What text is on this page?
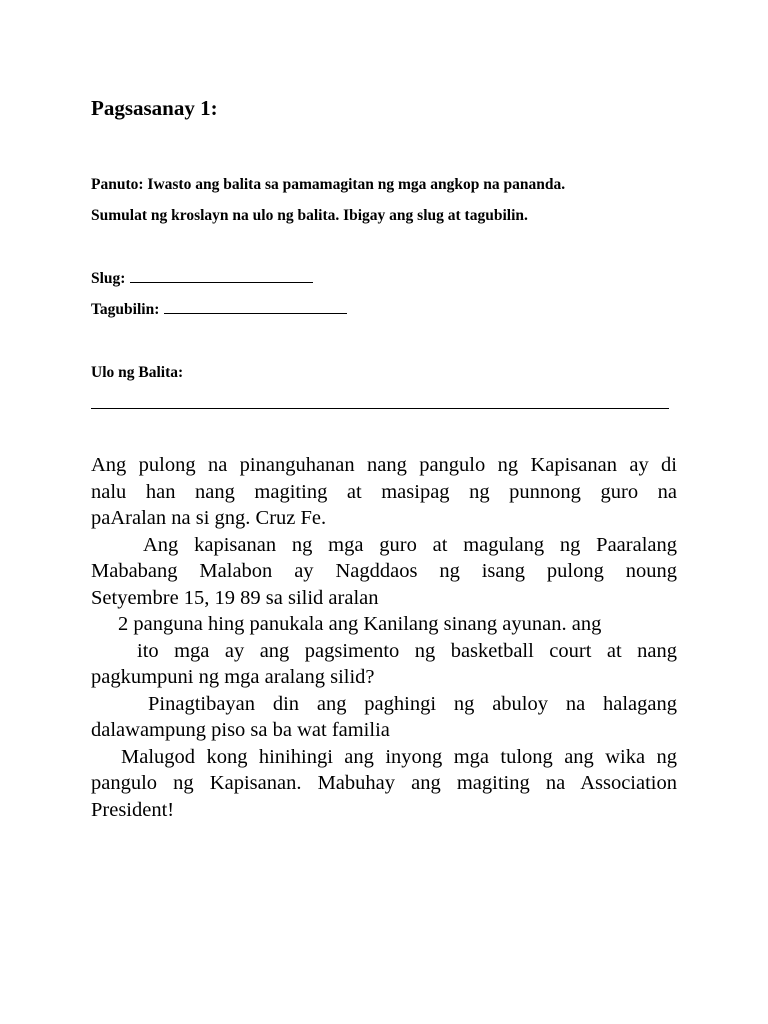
Pagsasanay 1:
Panuto: Iwasto ang balita sa pamamagitan ng mga angkop na pananda.
Sumulat ng kroslayn na ulo ng balita. Ibigay ang slug at tagubilin.
Slug:
Tagubilin:
Ulo ng Balita:
Ang pulong na pinanguhanan nang pangulo ng Kapisanan ay di
nalu han nang magiting at masipag ng punnong guro na
paAralan na si gng. Cruz Fe.
Ang kapisanan ng mga guro at magulang ng Paaralang
Mababang Malabon ay Nagddaos ng isang pulong noung
Setyembre 15, 19 89 sa silid aralan
2 panguna hing panukala ang Kanilang sinang ayunan. ang
ito mga ay ang pagsimento ng basketball court at nang
pagkumpuni ng mga aralang silid?
Pinagtibayan din ang paghingi ng abuloy na halagang
dalawampung piso sa ba wat familia
Malugod kong hinihingi ang inyong mga tulong ang wika ng
pangulo ng Kapisanan. Mabuhay ang magiting na Association
President!
